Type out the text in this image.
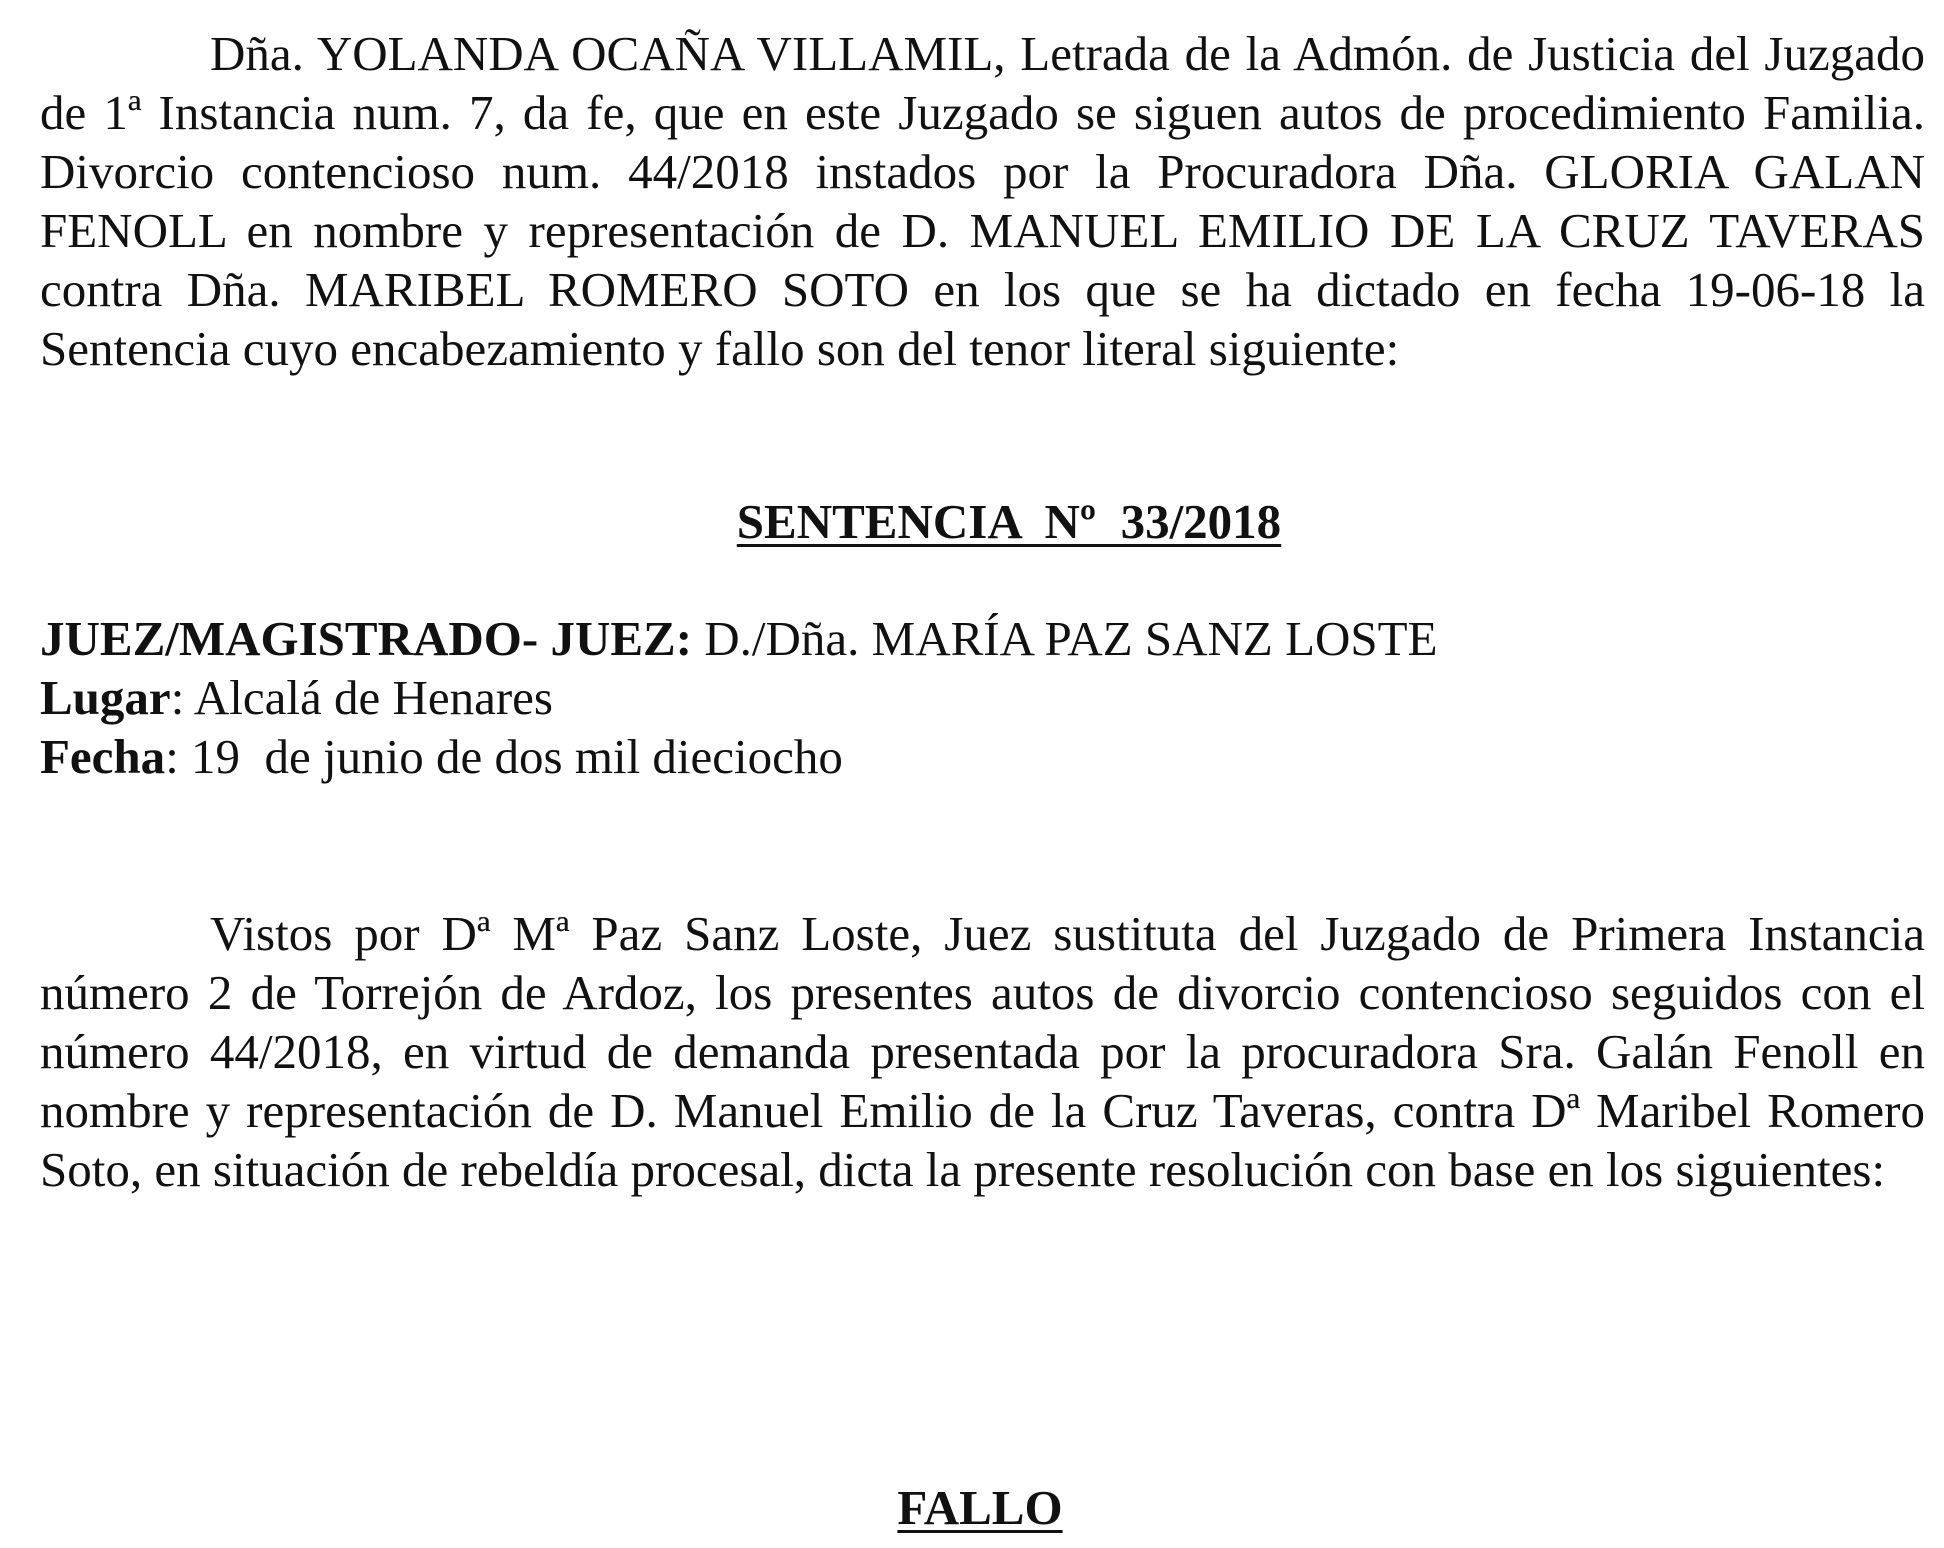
Dña. YOLANDA OCAÑA VILLAMIL, Letrada de la Admón. de Justicia del Juzgado de 1ª Instancia num. 7, da fe, que en este Juzgado se siguen autos de procedimiento Familia. Divorcio contencioso num. 44/2018 instados por la Procuradora Dña. GLORIA GALAN FENOLL en nombre y representación de D. MANUEL EMILIO DE LA CRUZ TAVERAS contra Dña. MARIBEL ROMERO SOTO en los que se ha dictado en fecha 19-06-18 la Sentencia cuyo encabezamiento y fallo son del tenor literal siguiente:

SENTENCIA  Nº  33/2018

JUEZ/MAGISTRADO- JUEZ: D./Dña. MARÍA PAZ SANZ LOSTE

Lugar: Alcalá de Henares

Fecha: 19  de junio de dos mil dieciocho

Vistos por Dª Mª Paz Sanz Loste, Juez sustituta del Juzgado de Primera Instancia número 2 de Torrejón de Ardoz, los presentes autos de divorcio contencioso seguidos con el número 44/2018, en virtud de demanda presentada por la procuradora Sra. Galán Fenoll en nombre y representación de D. Manuel Emilio de la Cruz Taveras, contra Dª Maribel Romero Soto, en situación de rebeldía procesal, dicta la presente resolución con base en los siguientes:

FALLO
